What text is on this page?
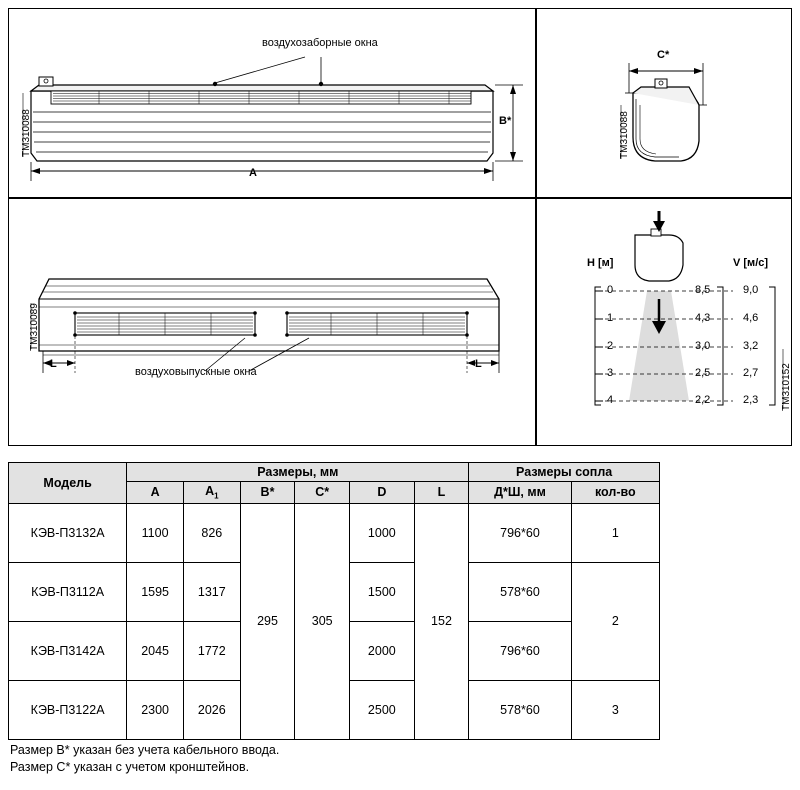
воздухозаборные окна
A
B*
TM310088
C*
TM310088
воздуховыпускные окна
L	L
TM310089
H [м]	V [м/с]
0
1
2
3
4
8,5
4,3
3,0
2,5
2,2
9,0
4,6
3,2
2,7
2,3 TM310152
Модель	Размеры, мм						Размеры сопла	
	A	$A_1$	B*	C*	D	L	Д*Ш, мм	кол-во
КЭВ-П3132А	1100	826	295	305	1000	152	796*60	1
КЭВ-П3112А	1595	1317			1500		578*60	2
КЭВ-П3142А	2045	1772			2000		796*60	
КЭВ-П3122А	2300	2026			2500		578*60	3
Размер B* указан без учета кабельного ввода.
Размер C* указан с учетом кронштейнов.
